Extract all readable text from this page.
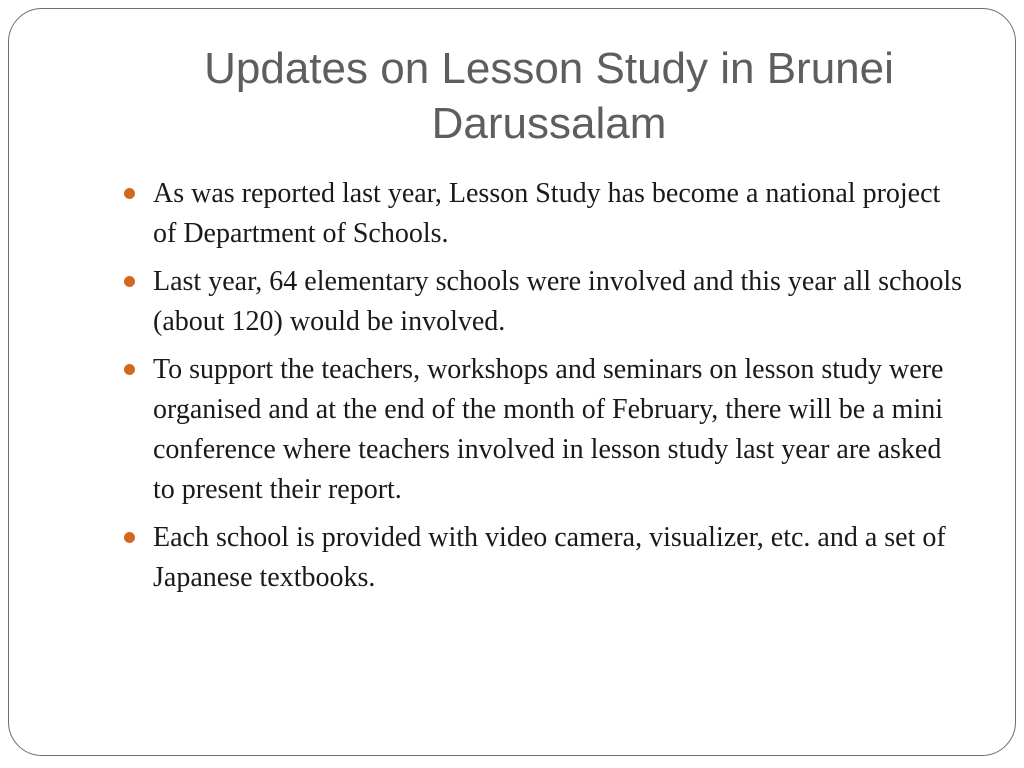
Updates on Lesson Study in Brunei Darussalam
As was reported last year, Lesson Study has become a national project of Department of Schools.
Last year, 64 elementary schools were involved and this year all schools (about 120) would be involved.
To support the teachers, workshops and seminars on lesson study were organised and at the end of the month of February, there will be a mini conference where teachers involved in lesson study last year are asked to present their report.
Each school is provided with video camera, visualizer, etc. and a set of Japanese textbooks.
